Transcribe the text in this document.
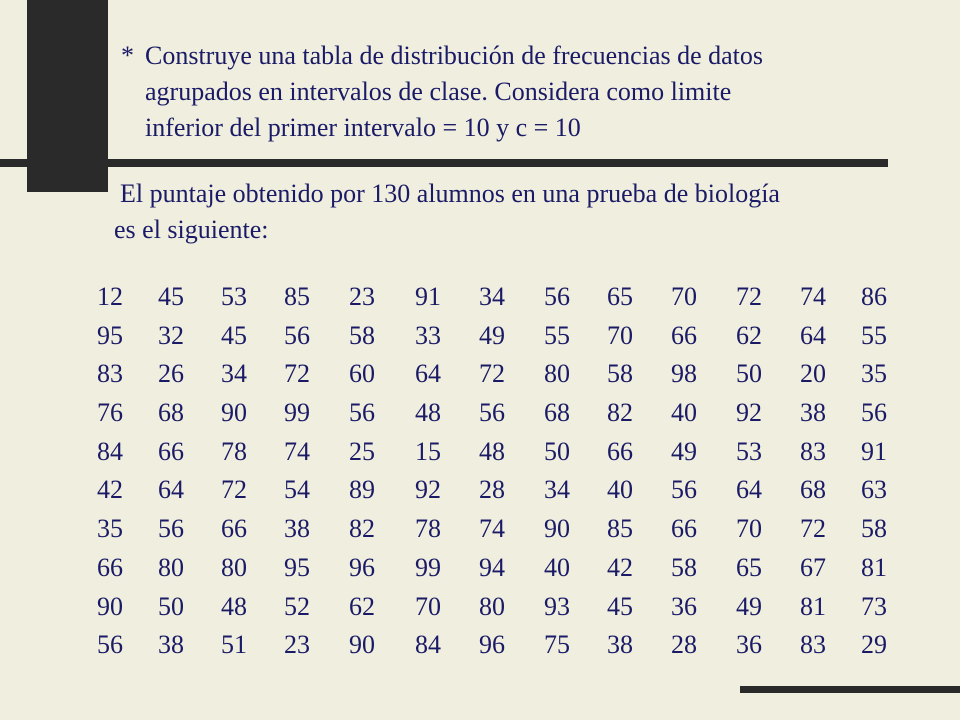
* Construye una tabla de distribución de frecuencias de datos
agrupados en intervalos de clase. Considera como limite
inferior del primer intervalo = 10 y c = 10
El puntaje obtenido por 130 alumnos en una prueba de biología
es el siguiente:
12 45 53 85 23 91 34 56 65 70 72 74 86
95 32 45 56 58 33 49 55 70 66 62 64 55
83 26 34 72 60 64 72 80 58 98 50 20 35
76 68 90 99 56 48 56 68 82 40 92 38 56
84 66 78 74 25 15 48 50 66 49 53 83 91
42 64 72 54 89 92 28 34 40 56 64 68 63
35 56 66 38 82 78 74 90 85 66 70 72 58
66 80 80 95 96 99 94 40 42 58 65 67 81
90 50 48 52 62 70 80 93 45 36 49 81 73
56 38 51 23 90 84 96 75 38 28 36 83 29
